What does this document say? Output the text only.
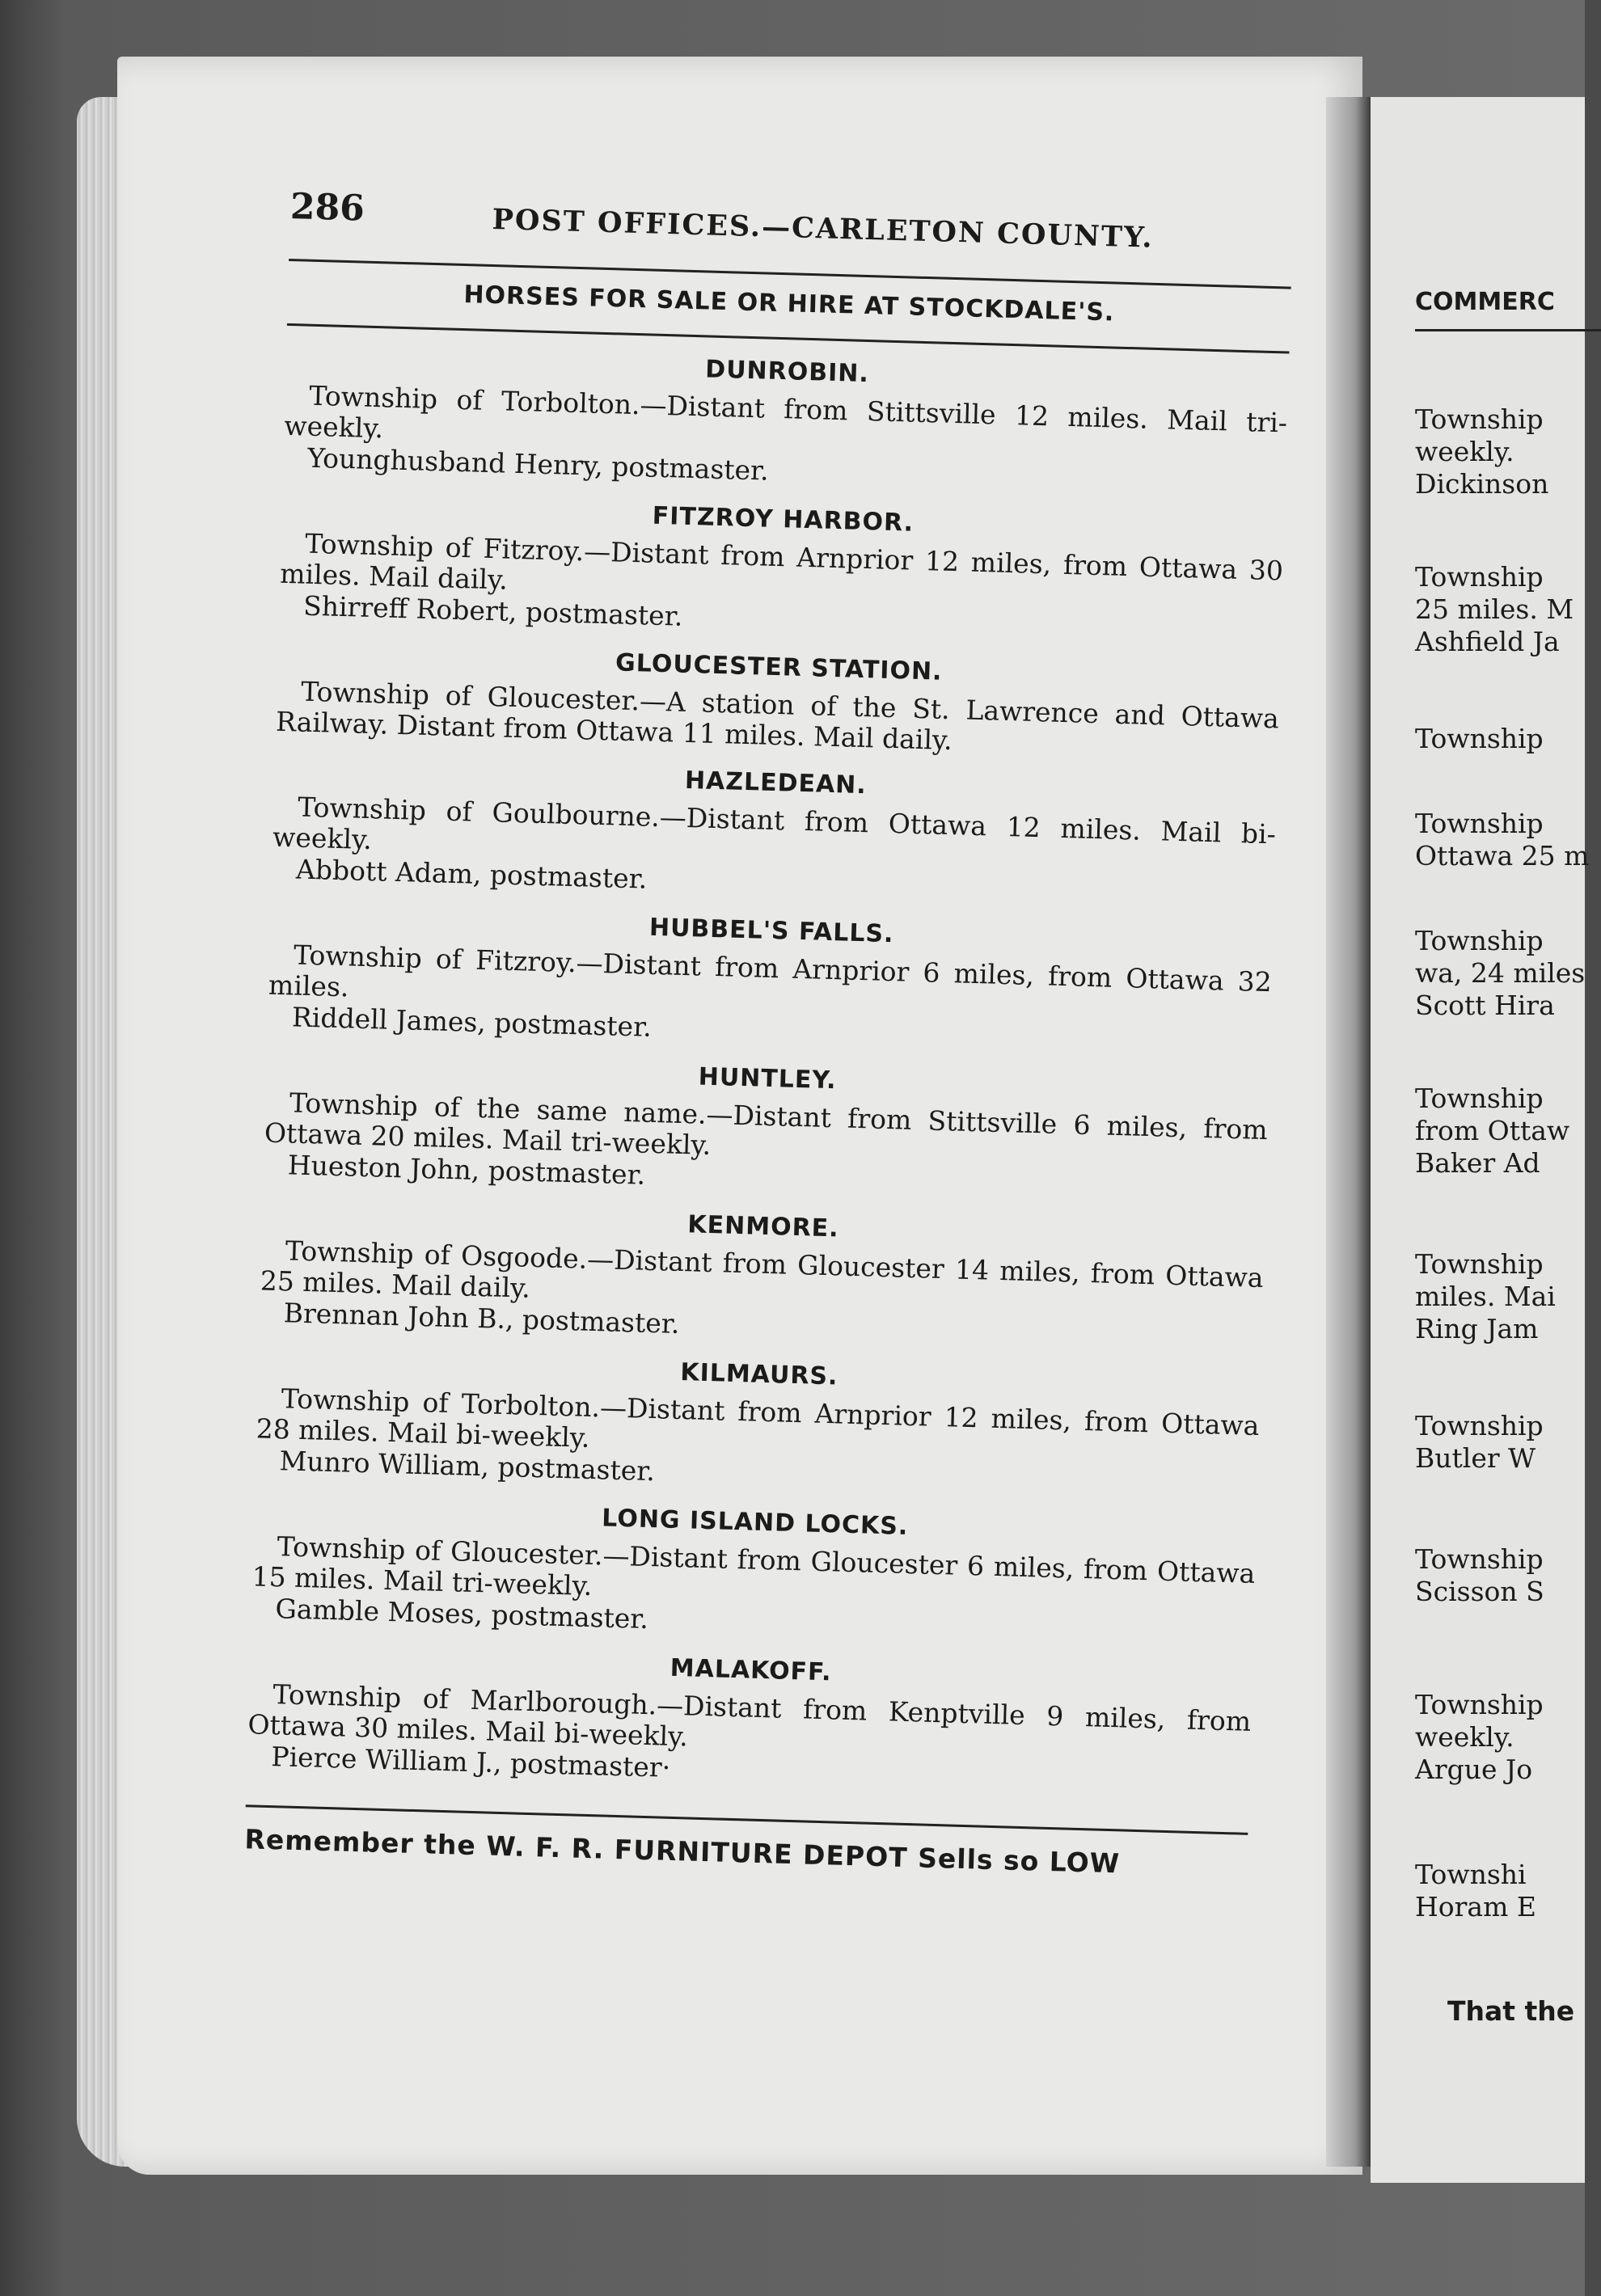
286	POST OFFICES.—CARLETON COUNTY.
HORSES FOR SALE OR HIRE AT STOCKDALE'S.
DUNROBIN.
Township of Torbolton.—Distant from Stittsville 12 miles. Mail tri-weekly.
Younghusband Henry, postmaster.
FITZROY HARBOR.
Township of Fitzroy.—Distant from Arnprior 12 miles, from Ottawa 30 miles. Mail daily.
Shirreff Robert, postmaster.
GLOUCESTER STATION.
Township of Gloucester.—A station of the St. Lawrence and Ottawa Railway. Distant from Ottawa 11 miles. Mail daily.
HAZLEDEAN.
Township of Goulbourne.—Distant from Ottawa 12 miles. Mail bi-weekly.
Abbott Adam, postmaster.
HUBBEL'S FALLS.
Township of Fitzroy.—Distant from Arnprior 6 miles, from Ottawa 32 miles.
Riddell James, postmaster.
HUNTLEY.
Township of the same name.—Distant from Stittsville 6 miles, from Ottawa 20 miles. Mail tri-weekly.
Hueston John, postmaster.
KENMORE.
Township of Osgoode.—Distant from Gloucester 14 miles, from Ottawa 25 miles. Mail daily.
Brennan John B., postmaster.
KILMAURS.
Township of Torbolton.—Distant from Arnprior 12 miles, from Ottawa 28 miles. Mail bi-weekly.
Munro William, postmaster.
LONG ISLAND LOCKS.
Township of Gloucester.—Distant from Gloucester 6 miles, from Ottawa 15 miles. Mail tri-weekly.
Gamble Moses, postmaster.
MALAKOFF.
Township of Marlborough.—Distant from Kenptville 9 miles, from Ottawa 30 miles. Mail bi-weekly.
Pierce William J., postmaster·
Remember the W. F. R. FURNITURE DEPOT Sells so LOW
COMMERC
Township
weekly.
Dickinson
Township
25 miles. M
Ashfield Ja
Township
Township
Ottawa 25 m
Township
wa, 24 miles
Scott Hira
Township
from Ottaw
Baker Ad
Township
miles. Mai
Ring Jam
Township
Butler W
Township
Scisson S
Township
weekly.
Argue Jo
Townshi
Horam E
That the
